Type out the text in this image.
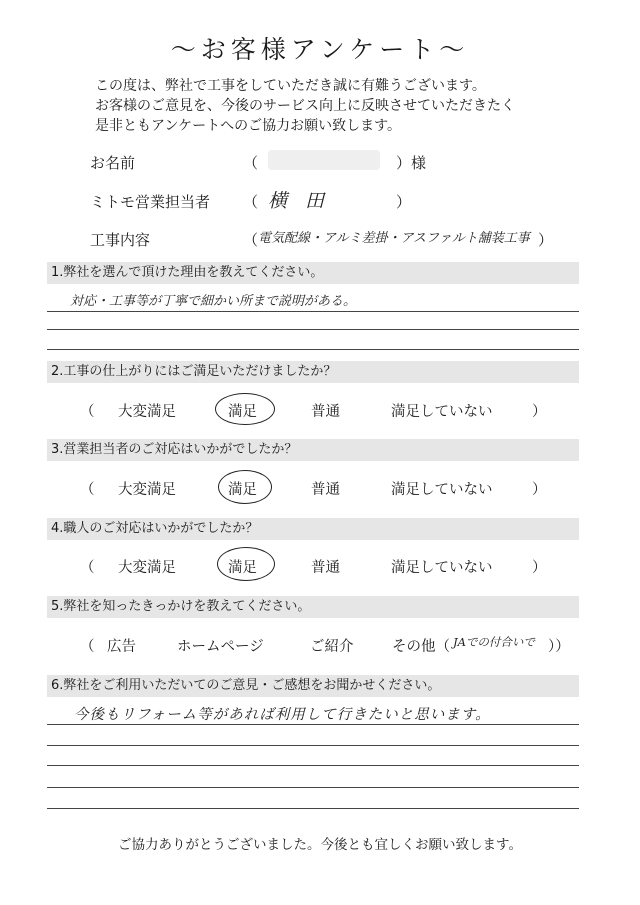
〜お客様アンケート〜
この度は、弊社で工事をしていただき誠に有難うございます。
お客様のご意見を、今後のサービス向上に反映させていただきたく
是非ともアンケートへのご協力お願い致します。
お名前	（	）様
ミトモ営業担当者 （ 横 田	）
工事内容	（ 電気配線・アルミ差掛・アスファルト舗装工事 ）
1.弊社を選んで頂けた理由を教えてください。
対応・工事等が丁寧で細かい所まで説明がある。
2.工事の仕上がりにはご満足いただけましたか？
（ 大変満足	満足	普通	満足していない	）
3.営業担当者のご対応はいかがでしたか？
（ 大変満足	満足	普通	満足していない	）
4.職人のご対応はいかがでしたか？
（ 大変満足	満足	普通	満足していない	）
5.弊社を知ったきっかけを教えてください。
（ 広告	ホームページ	ご紹介	その他（ JAでの付合いで ））
6.弊社をご利用いただいてのご意見・ご感想をお聞かせください。
今後もリフォーム等があれば利用して行きたいと思います。
ご協力ありがとうございました。今後とも宜しくお願い致します。
